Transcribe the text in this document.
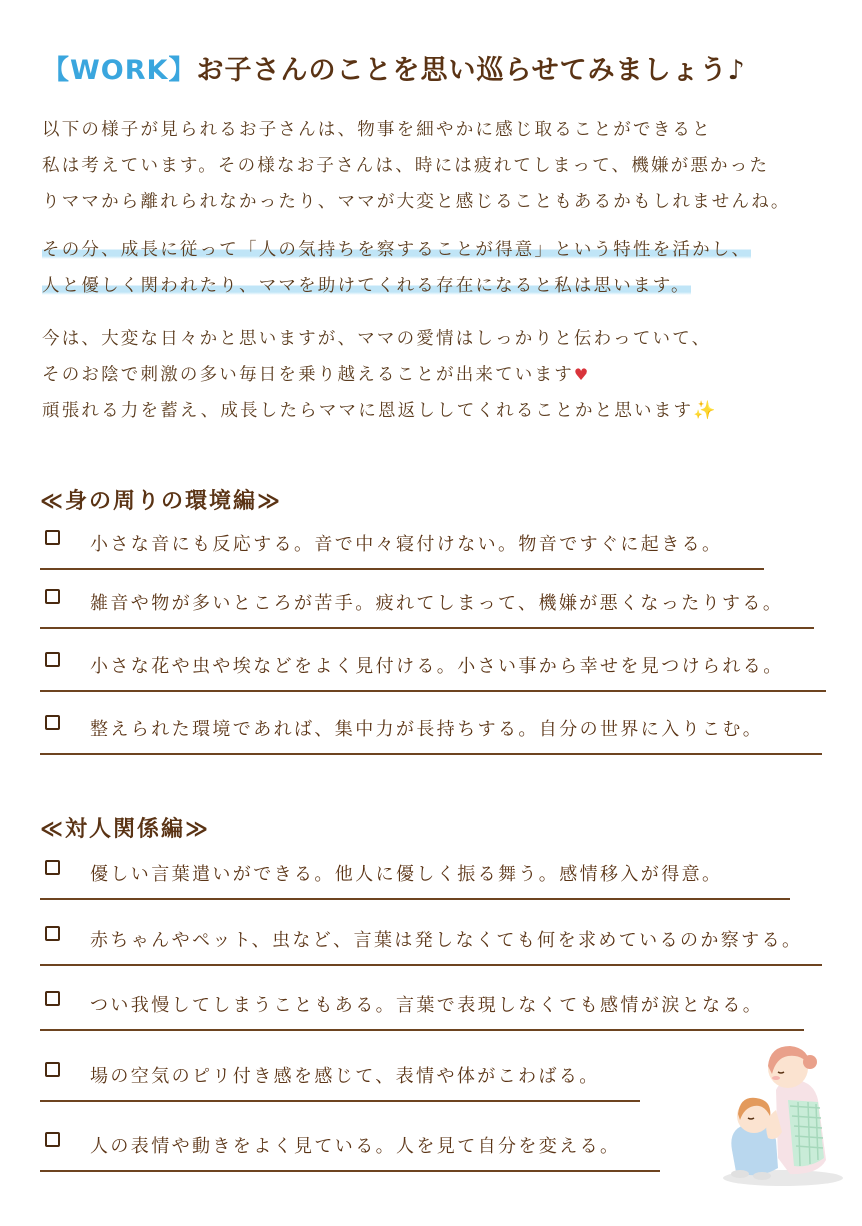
【WORK】お子さんのことを思い巡らせてみましょう♪
以下の様子が見られるお子さんは、物事を細やかに感じ取ることができると
私は考えています。その様なお子さんは、時には疲れてしまって、機嫌が悪かった
りママから離れられなかったり、ママが大変と感じることもあるかもしれませんね。
その分、成長に従って「人の気持ちを察することが得意」という特性を活かし、
人と優しく関われたり、ママを助けてくれる存在になると私は思います。
今は、大変な日々かと思いますが、ママの愛情はしっかりと伝わっていて、
そのお陰で刺激の多い毎日を乗り越えることが出来ています♥
頑張れる力を蓄え、成長したらママに恩返ししてくれることかと思います✨
≪身の周りの環境編≫
小さな音にも反応する。音で中々寝付けない。物音ですぐに起きる。
雑音や物が多いところが苦手。疲れてしまって、機嫌が悪くなったりする。
小さな花や虫や埃などをよく見付ける。小さい事から幸せを見つけられる。
整えられた環境であれば、集中力が長持ちする。自分の世界に入りこむ。
≪対人関係編≫
優しい言葉遣いができる。他人に優しく振る舞う。感情移入が得意。
赤ちゃんやペット、虫など、言葉は発しなくても何を求めているのか察する。
つい我慢してしまうこともある。言葉で表現しなくても感情が涙となる。
場の空気のピリ付き感を感じて、表情や体がこわばる。
人の表情や動きをよく見ている。人を見て自分を変える。
